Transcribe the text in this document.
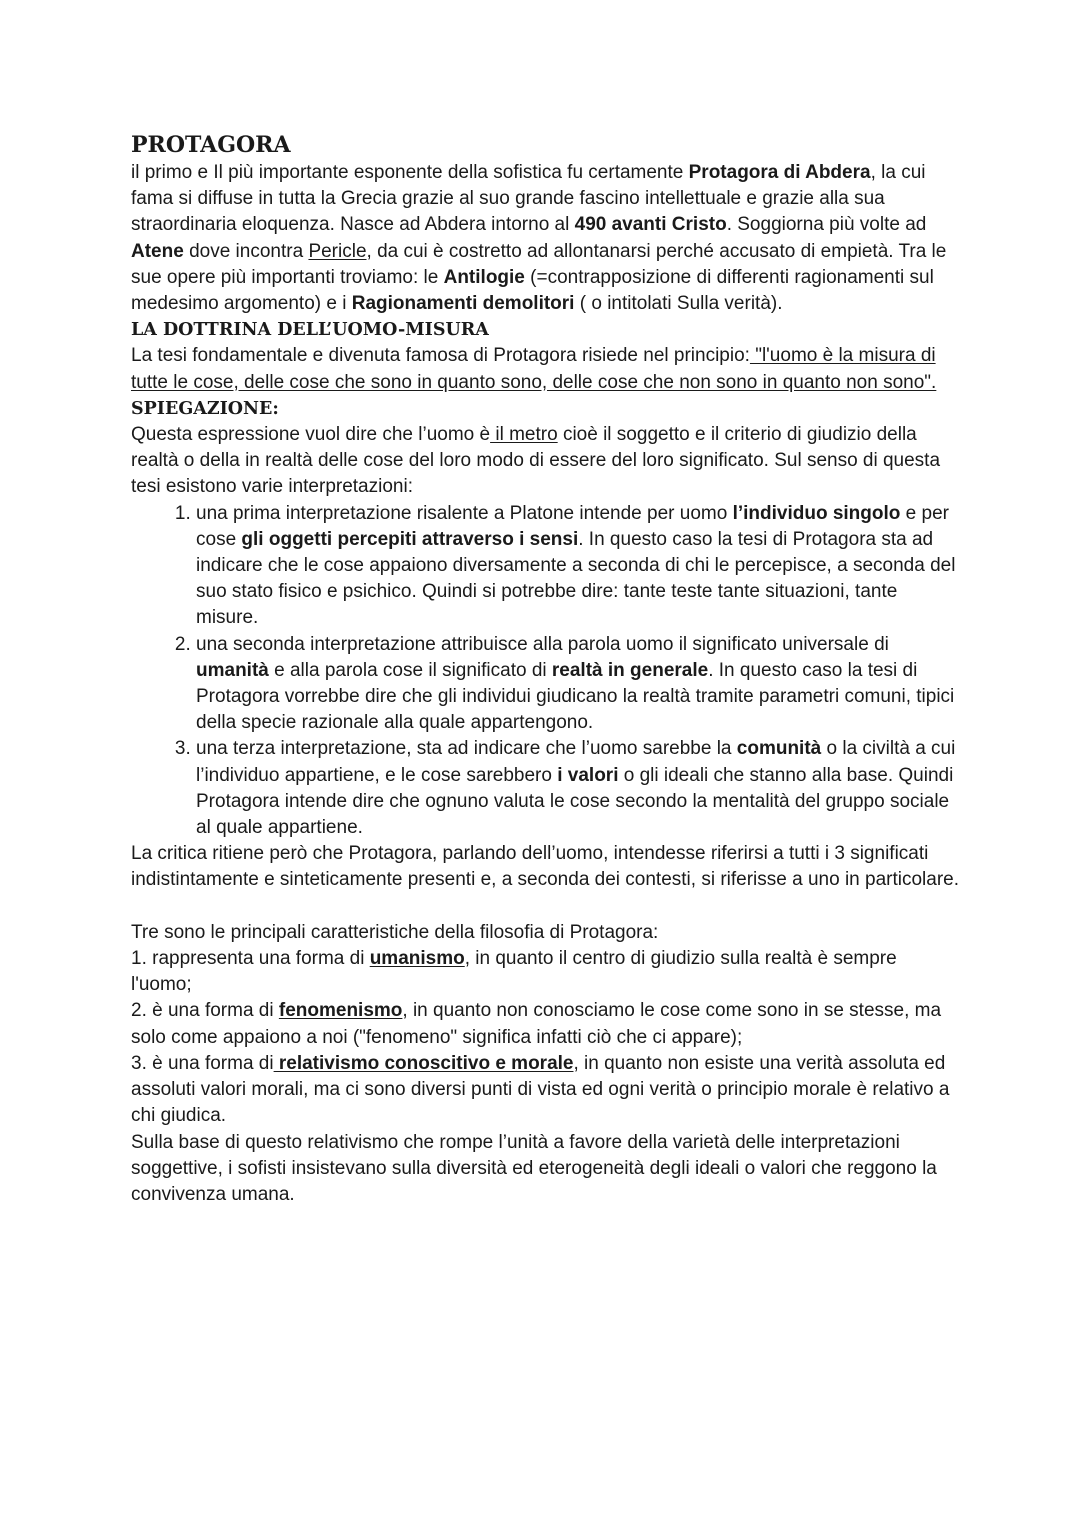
PROTAGORA

il primo e Il più importante esponente della sofistica fu certamente Protagora di Abdera, la cui fama si diffuse in tutta la Grecia grazie al suo grande fascino intellettuale e grazie alla sua straordinaria eloquenza. Nasce ad Abdera intorno al 490 avanti Cristo. Soggiorna più volte ad Atene dove incontra Pericle, da cui è costretto ad allontanarsi perché accusato di empietà. Tra le sue opere più importanti troviamo: le Antilogie (=contrapposizione di differenti ragionamenti sul medesimo argomento) e i Ragionamenti demolitori ( o intitolati Sulla verità).

LA DOTTRINA DELL’UOMO-MISURA

La tesi fondamentale e divenuta famosa di Protagora risiede nel principio: "l'uomo è la misura di tutte le cose, delle cose che sono in quanto sono, delle cose che non sono in quanto non sono".

SPIEGAZIONE:

Questa espressione vuol dire che l’uomo è il metro cioè il soggetto e il criterio di giudizio della realtà o della in realtà delle cose del loro modo di essere del loro significato. Sul senso di questa tesi esistono varie interpretazioni:

1. una prima interpretazione risalente a Platone intende per uomo l’individuo singolo e per cose gli oggetti percepiti attraverso i sensi. In questo caso la tesi di Protagora sta ad indicare che le cose appaiono diversamente a seconda di chi le percepisce, a seconda del suo stato fisico e psichico. Quindi si potrebbe dire: tante teste tante situazioni, tante misure.
2. una seconda interpretazione attribuisce alla parola uomo il significato universale di umanità e alla parola cose il significato di realtà in generale. In questo caso la tesi di Protagora vorrebbe dire che gli individui giudicano la realtà tramite parametri comuni, tipici della specie razionale alla quale appartengono.
3. una terza interpretazione, sta ad indicare che l’uomo sarebbe la comunità o la civiltà a cui l’individuo appartiene, e le cose sarebbero i valori o gli ideali che stanno alla base. Quindi Protagora intende dire che ognuno valuta le cose secondo la mentalità del gruppo sociale al quale appartiene.

La critica ritiene però che Protagora, parlando dell’uomo, intendesse riferirsi a tutti i 3 significati indistintamente e sinteticamente presenti e, a seconda dei contesti, si riferisse a uno in particolare.

Tre sono le principali caratteristiche della filosofia di Protagora:

1. rappresenta una forma di umanismo, in quanto il centro di giudizio sulla realtà è sempre l'uomo;

2. è una forma di fenomenismo, in quanto non conosciamo le cose come sono in se stesse, ma solo come appaiono a noi ("fenomeno" significa infatti ciò che ci appare);

3. è una forma di relativismo conoscitivo e morale, in quanto non esiste una verità assoluta ed assoluti valori morali, ma ci sono diversi punti di vista ed ogni verità o principio morale è relativo a chi giudica.

Sulla base di questo relativismo che rompe l’unità a favore della varietà delle interpretazioni soggettive, i sofisti insistevano sulla diversità ed eterogeneità degli ideali o valori che reggono la convivenza umana.
